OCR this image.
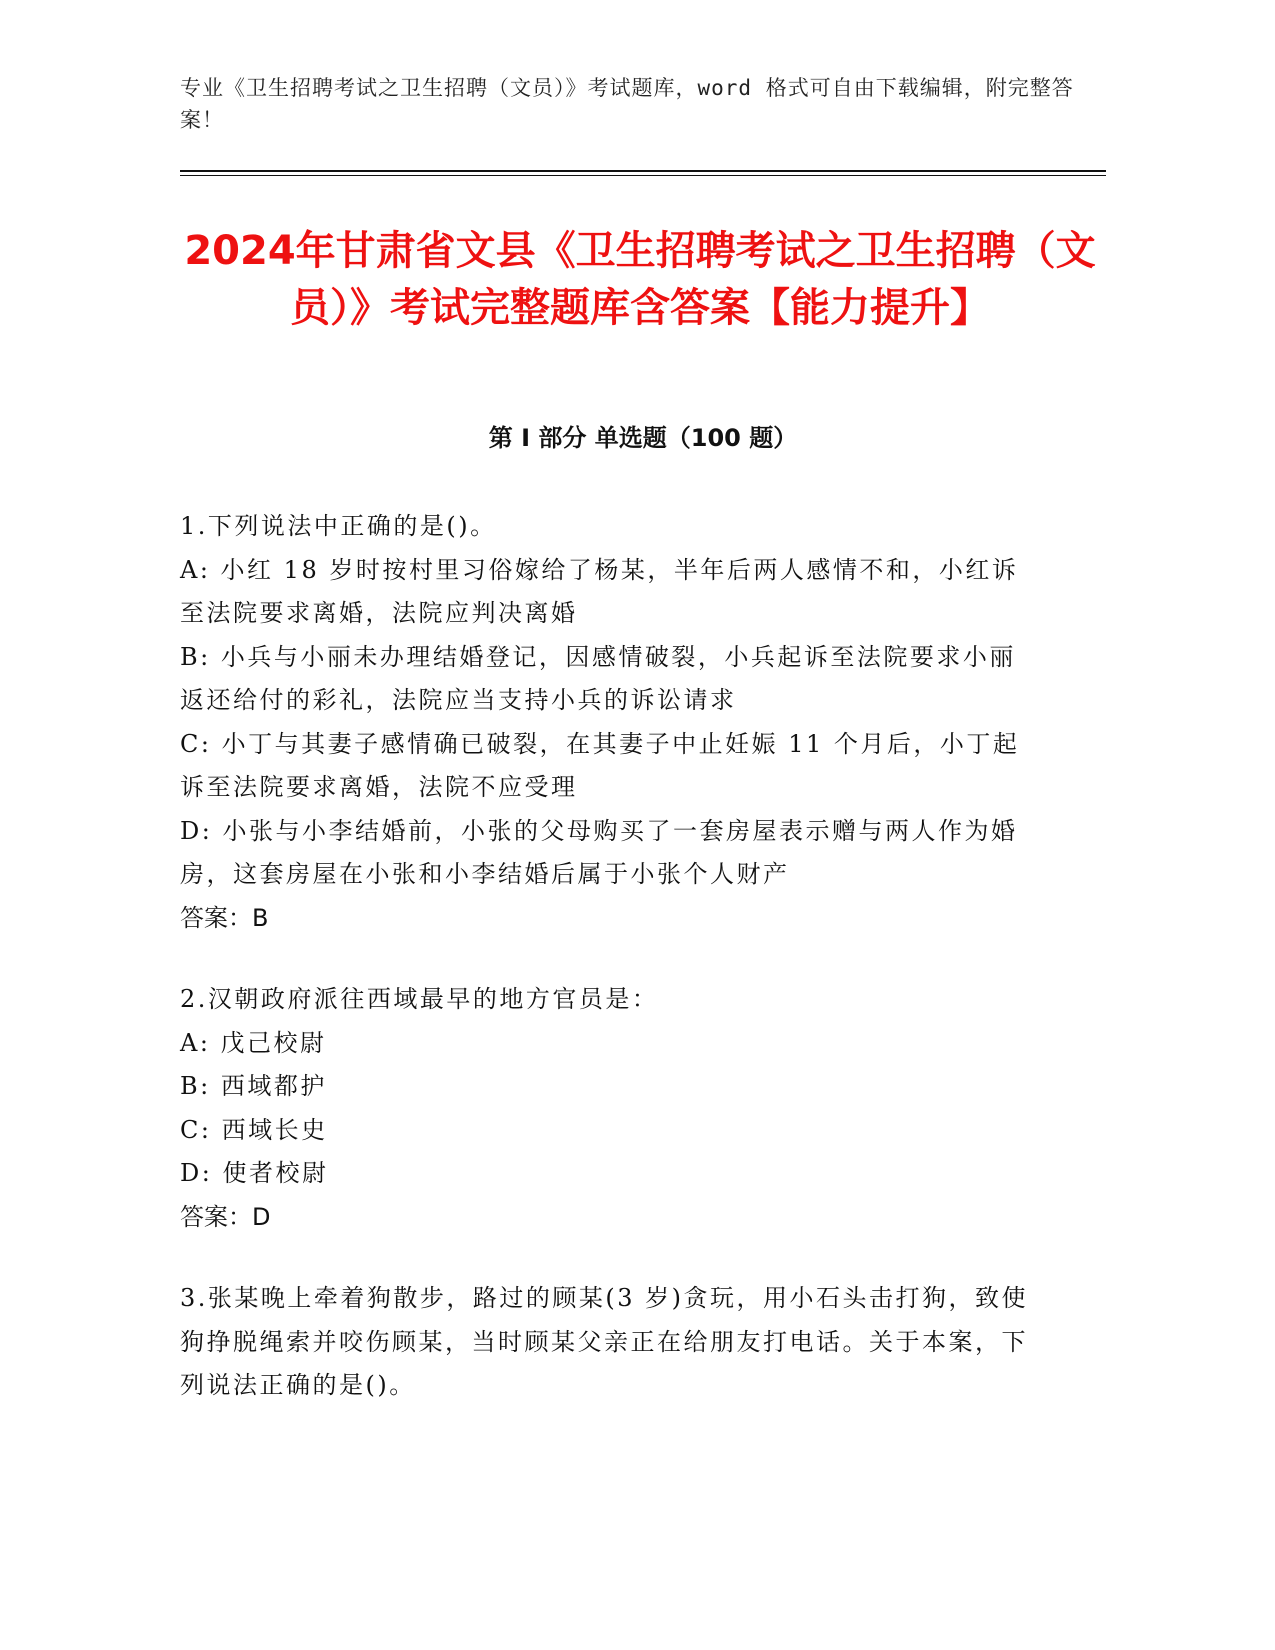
专业《卫生招聘考试之卫生招聘（文员）》考试题库，word 格式可自由下载编辑，附完整答案！
2024年甘肃省文县《卫生招聘考试之卫生招聘（文员）》考试完整题库含答案【能力提升】
第 I 部分 单选题（100 题）
1.下列说法中正确的是()。
A: 小红 18 岁时按村里习俗嫁给了杨某，半年后两人感情不和，小红诉至法院要求离婚，法院应判决离婚
B: 小兵与小丽未办理结婚登记，因感情破裂，小兵起诉至法院要求小丽返还给付的彩礼，法院应当支持小兵的诉讼请求
C: 小丁与其妻子感情确已破裂，在其妻子中止妊娠 11 个月后，小丁起诉至法院要求离婚，法院不应受理
D: 小张与小李结婚前，小张的父母购买了一套房屋表示赠与两人作为婚房，这套房屋在小张和小李结婚后属于小张个人财产
答案：B
2.汉朝政府派往西域最早的地方官员是：
A: 戊己校尉
B: 西域都护
C: 西域长史
D: 使者校尉
答案：D
3.张某晚上牵着狗散步，路过的顾某(3 岁)贪玩，用小石头击打狗，致使狗挣脱绳索并咬伤顾某，当时顾某父亲正在给朋友打电话。关于本案，下列说法正确的是()。
